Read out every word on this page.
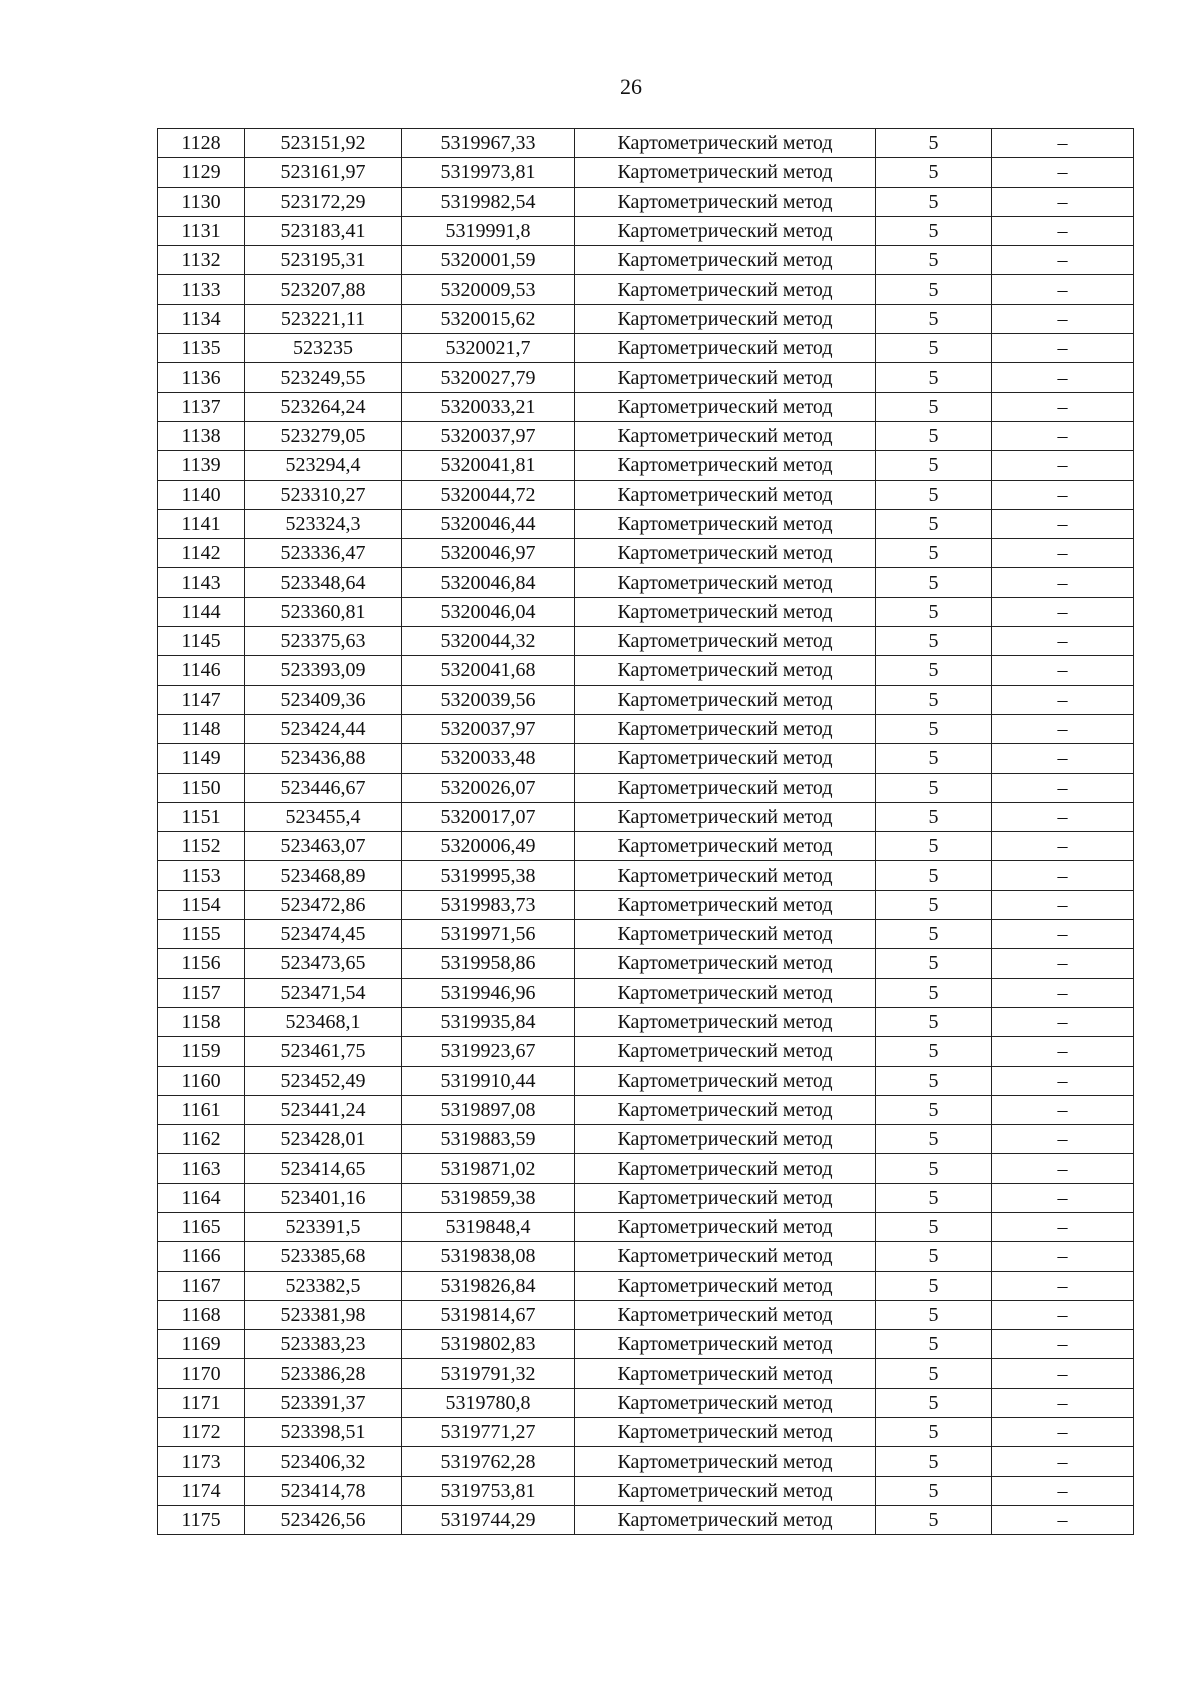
26
1128	523151,92	5319967,33	Картометрический метод	5	–
1129	523161,97	5319973,81	Картометрический метод	5	–
1130	523172,29	5319982,54	Картометрический метод	5	–
1131	523183,41	5319991,8	Картометрический метод	5	–
1132	523195,31	5320001,59	Картометрический метод	5	–
1133	523207,88	5320009,53	Картометрический метод	5	–
1134	523221,11	5320015,62	Картометрический метод	5	–
1135	523235	5320021,7	Картометрический метод	5	–
1136	523249,55	5320027,79	Картометрический метод	5	–
1137	523264,24	5320033,21	Картометрический метод	5	–
1138	523279,05	5320037,97	Картометрический метод	5	–
1139	523294,4	5320041,81	Картометрический метод	5	–
1140	523310,27	5320044,72	Картометрический метод	5	–
1141	523324,3	5320046,44	Картометрический метод	5	–
1142	523336,47	5320046,97	Картометрический метод	5	–
1143	523348,64	5320046,84	Картометрический метод	5	–
1144	523360,81	5320046,04	Картометрический метод	5	–
1145	523375,63	5320044,32	Картометрический метод	5	–
1146	523393,09	5320041,68	Картометрический метод	5	–
1147	523409,36	5320039,56	Картометрический метод	5	–
1148	523424,44	5320037,97	Картометрический метод	5	–
1149	523436,88	5320033,48	Картометрический метод	5	–
1150	523446,67	5320026,07	Картометрический метод	5	–
1151	523455,4	5320017,07	Картометрический метод	5	–
1152	523463,07	5320006,49	Картометрический метод	5	–
1153	523468,89	5319995,38	Картометрический метод	5	–
1154	523472,86	5319983,73	Картометрический метод	5	–
1155	523474,45	5319971,56	Картометрический метод	5	–
1156	523473,65	5319958,86	Картометрический метод	5	–
1157	523471,54	5319946,96	Картометрический метод	5	–
1158	523468,1	5319935,84	Картометрический метод	5	–
1159	523461,75	5319923,67	Картометрический метод	5	–
1160	523452,49	5319910,44	Картометрический метод	5	–
1161	523441,24	5319897,08	Картометрический метод	5	–
1162	523428,01	5319883,59	Картометрический метод	5	–
1163	523414,65	5319871,02	Картометрический метод	5	–
1164	523401,16	5319859,38	Картометрический метод	5	–
1165	523391,5	5319848,4	Картометрический метод	5	–
1166	523385,68	5319838,08	Картометрический метод	5	–
1167	523382,5	5319826,84	Картометрический метод	5	–
1168	523381,98	5319814,67	Картометрический метод	5	–
1169	523383,23	5319802,83	Картометрический метод	5	–
1170	523386,28	5319791,32	Картометрический метод	5	–
1171	523391,37	5319780,8	Картометрический метод	5	–
1172	523398,51	5319771,27	Картометрический метод	5	–
1173	523406,32	5319762,28	Картометрический метод	5	–
1174	523414,78	5319753,81	Картометрический метод	5	–
1175	523426,56	5319744,29	Картометрический метод	5	–
